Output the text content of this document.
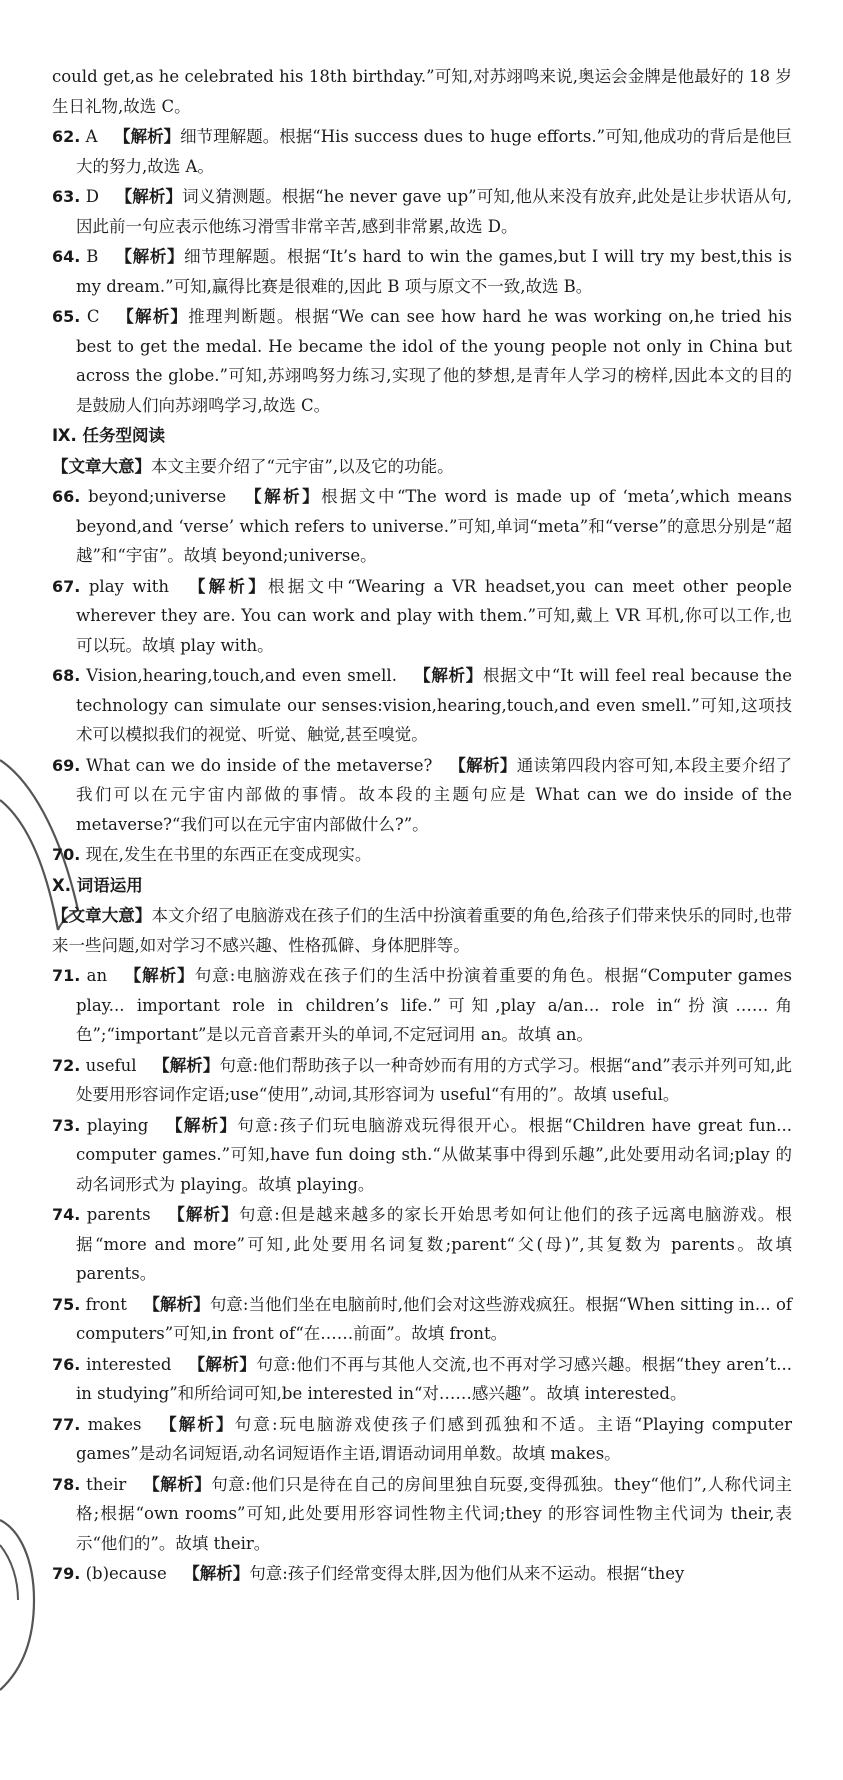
could get,as he celebrated his 18th birthday.”可知,对苏翊鸣来说,奥运会金牌是他最好的 18 岁生日礼物,故选 C。
62. A  【解析】细节理解题。根据“His success dues to huge efforts.”可知,他成功的背后是他巨大的努力,故选 A。
63. D  【解析】词义猜测题。根据“he never gave up”可知,他从来没有放弃,此处是让步状语从句,因此前一句应表示他练习滑雪非常辛苦,感到非常累,故选 D。
64. B  【解析】细节理解题。根据“It’s hard to win the games,but I will try my best,this is my dream.”可知,赢得比赛是很难的,因此 B 项与原文不一致,故选 B。
65. C  【解析】推理判断题。根据“We can see how hard he was working on,he tried his best to get the medal. He became the idol of the young people not only in China but across the globe.”可知,苏翊鸣努力练习,实现了他的梦想,是青年人学习的榜样,因此本文的目的是鼓励人们向苏翊鸣学习,故选 C。
Ⅸ. 任务型阅读
【文章大意】本文主要介绍了“元宇宙”,以及它的功能。
66. beyond;universe  【解析】根据文中“The word is made up of ‘meta’,which means beyond,and ‘verse’ which refers to universe.”可知,单词“meta”和“verse”的意思分别是“超越”和“宇宙”。故填 beyond;universe。
67. play with  【解析】根据文中“Wearing a VR headset,you can meet other people wherever they are. You can work and play with them.”可知,戴上 VR 耳机,你可以工作,也可以玩。故填 play with。
68. Vision,hearing,touch,and even smell.  【解析】根据文中“It will feel real because the technology can simulate our senses:vision,hearing,touch,and even smell.”可知,这项技术可以模拟我们的视觉、听觉、触觉,甚至嗅觉。
69. What can we do inside of the metaverse?  【解析】通读第四段内容可知,本段主要介绍了我们可以在元宇宙内部做的事情。故本段的主题句应是 What can we do inside of the metaverse?“我们可以在元宇宙内部做什么?”。
70. 现在,发生在书里的东西正在变成现实。
Ⅹ. 词语运用
【文章大意】本文介绍了电脑游戏在孩子们的生活中扮演着重要的角色,给孩子们带来快乐的同时,也带来一些问题,如对学习不感兴趣、性格孤僻、身体肥胖等。
71. an  【解析】句意:电脑游戏在孩子们的生活中扮演着重要的角色。根据“Computer games play... important role in children’s life.”可知,play a/an... role in“扮演……角色”;“important”是以元音音素开头的单词,不定冠词用 an。故填 an。
72. useful  【解析】句意:他们帮助孩子以一种奇妙而有用的方式学习。根据“and”表示并列可知,此处要用形容词作定语;use“使用”,动词,其形容词为 useful“有用的”。故填 useful。
73. playing  【解析】句意:孩子们玩电脑游戏玩得很开心。根据“Children have great fun... computer games.”可知,have fun doing sth.“从做某事中得到乐趣”,此处要用动名词;play 的动名词形式为 playing。故填 playing。
74. parents  【解析】句意:但是越来越多的家长开始思考如何让他们的孩子远离电脑游戏。根据“more and more”可知,此处要用名词复数;parent“父(母)”,其复数为 parents。故填 parents。
75. front  【解析】句意:当他们坐在电脑前时,他们会对这些游戏疯狂。根据“When sitting in... of computers”可知,in front of“在……前面”。故填 front。
76. interested  【解析】句意:他们不再与其他人交流,也不再对学习感兴趣。根据“they aren’t... in studying”和所给词可知,be interested in“对……感兴趣”。故填 interested。
77. makes  【解析】句意:玩电脑游戏使孩子们感到孤独和不适。主语“Playing computer games”是动名词短语,动名词短语作主语,谓语动词用单数。故填 makes。
78. their  【解析】句意:他们只是待在自己的房间里独自玩耍,变得孤独。they“他们”,人称代词主格;根据“own rooms”可知,此处要用形容词性物主代词;they 的形容词性物主代词为 their,表示“他们的”。故填 their。
79. (b)ecause  【解析】句意:孩子们经常变得太胖,因为他们从来不运动。根据“they
